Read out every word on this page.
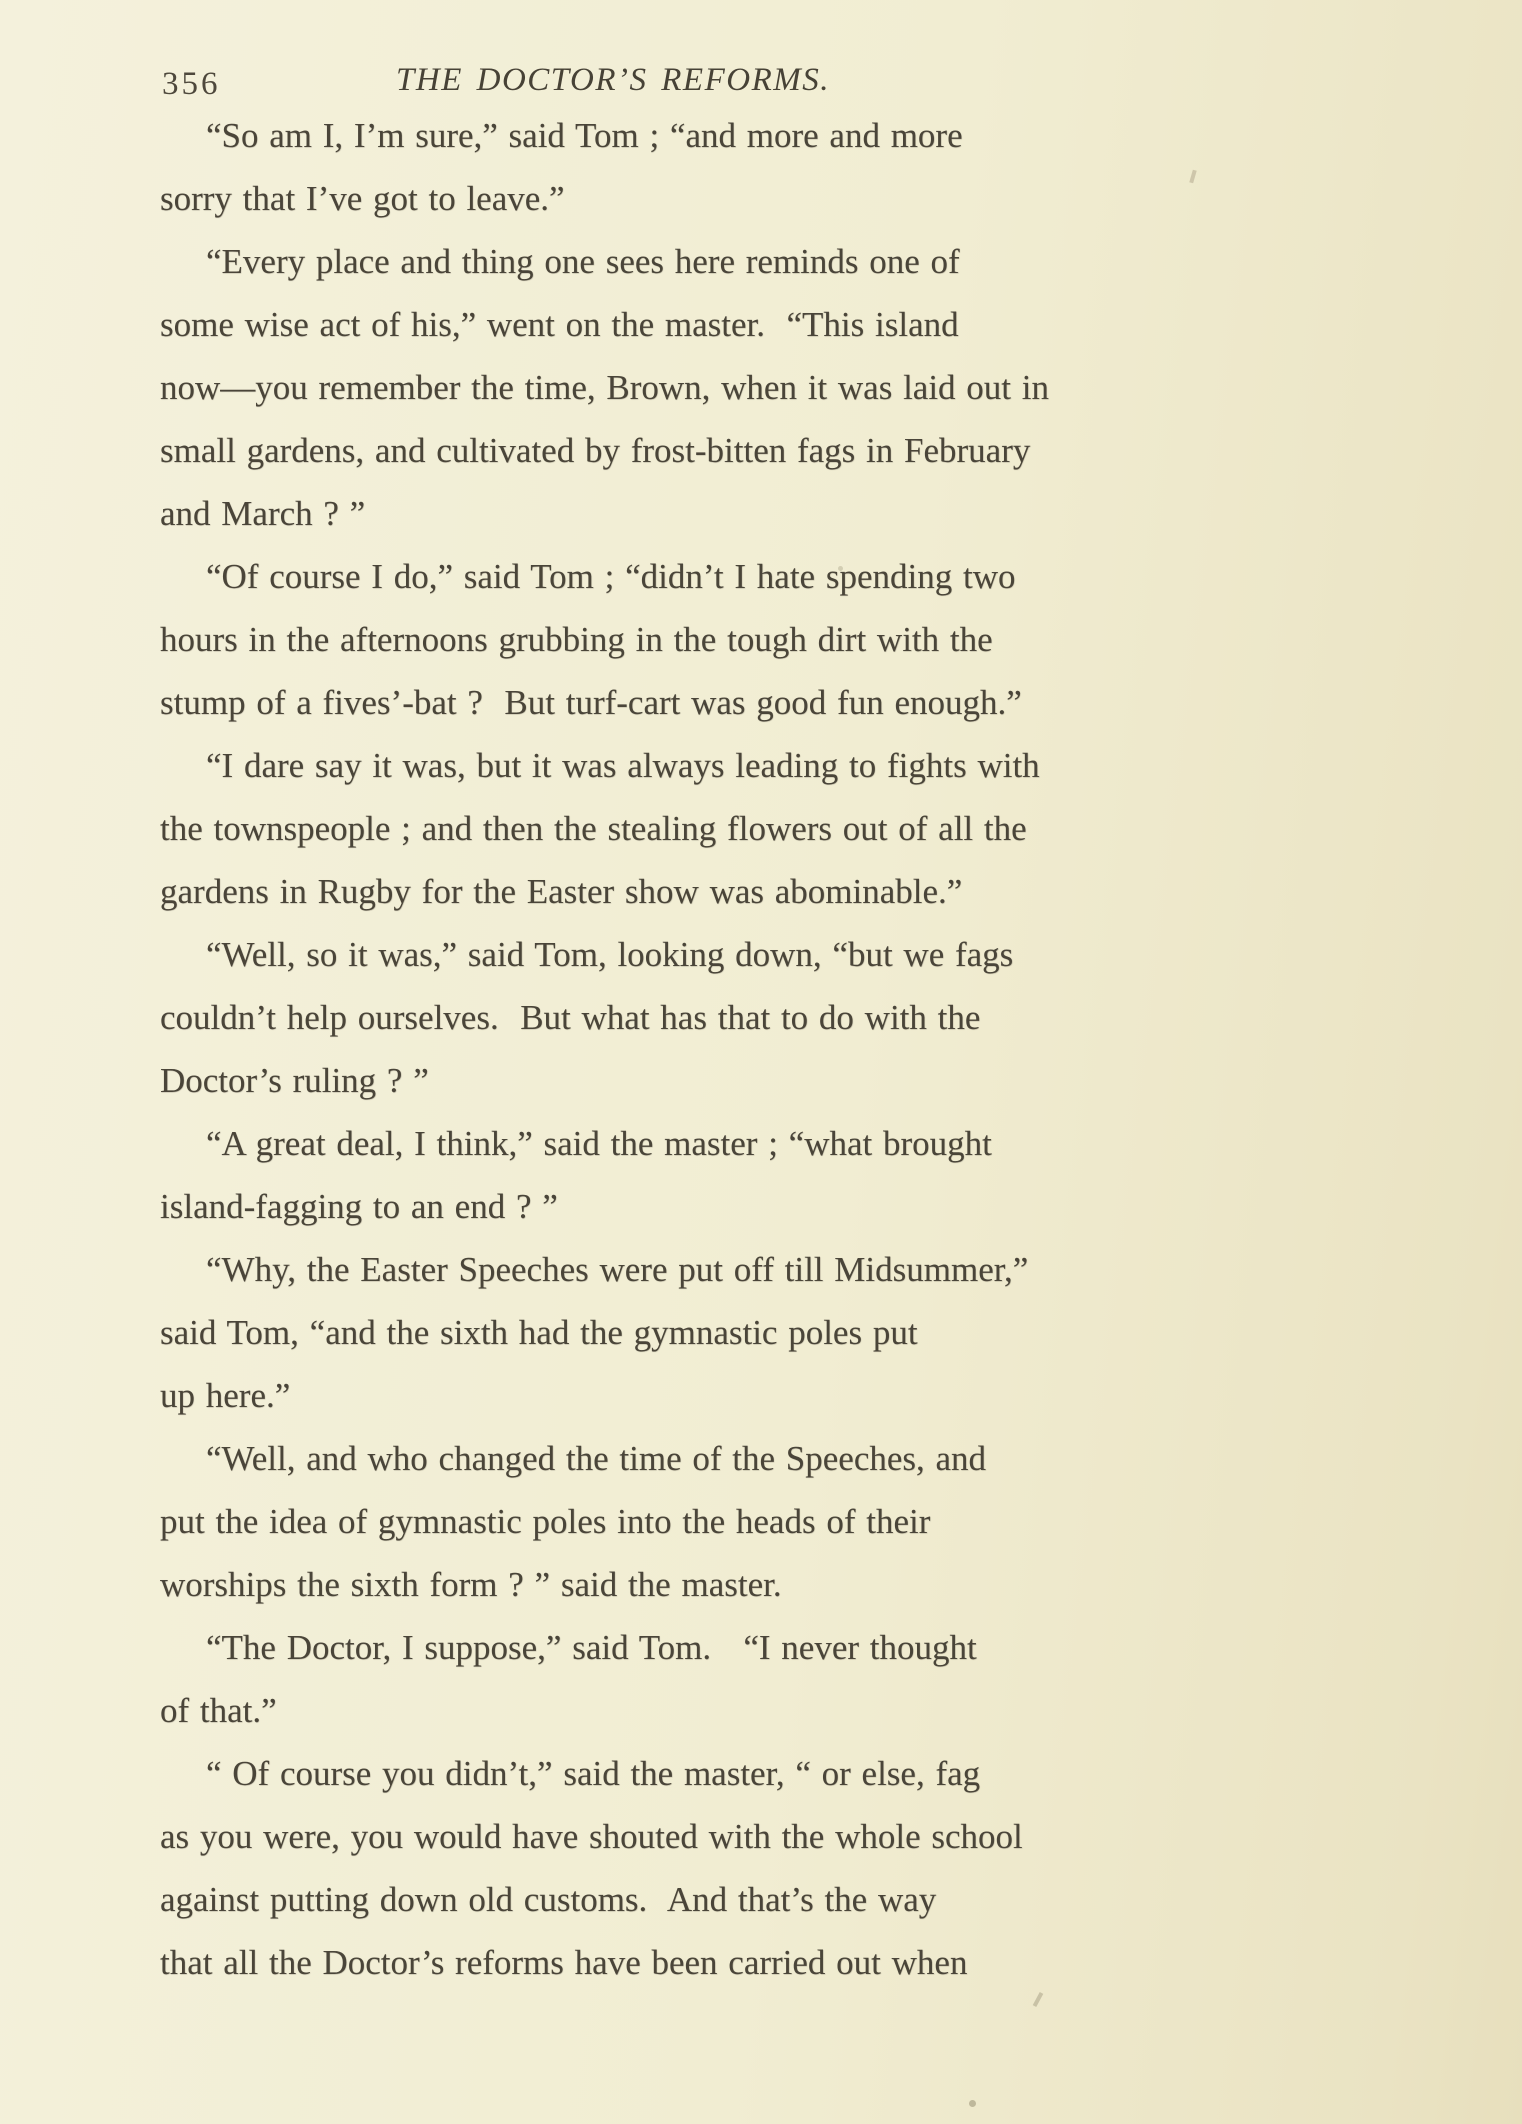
356	THE DOCTOR’S REFORMS.
“So am I, I’m sure,” said Tom ; “and more and more
sorry that I’ve got to leave.”
“Every place and thing one sees here reminds one of
some wise act of his,” went on the master.  “This island
now—you remember the time, Brown, when it was laid out in
small gardens, and cultivated by frost-bitten fags in February
and March ? ”
“Of course I do,” said Tom ; “didn’t I hate spending two
hours in the afternoons grubbing in the tough dirt with the
stump of a fives’-bat ?  But turf-cart was good fun enough.”
“I dare say it was, but it was always leading to fights with
the townspeople ; and then the stealing flowers out of all the
gardens in Rugby for the Easter show was abominable.”
“Well, so it was,” said Tom, looking down, “but we fags
couldn’t help ourselves.  But what has that to do with the
Doctor’s ruling ? ”
“A great deal, I think,” said the master ; “what brought
island-fagging to an end ? ”
“Why, the Easter Speeches were put off till Midsummer,”
said Tom, “and the sixth had the gymnastic poles put
up here.”
“Well, and who changed the time of the Speeches, and
put the idea of gymnastic poles into the heads of their
worships the sixth form ? ” said the master.
“The Doctor, I suppose,” said Tom.   “I never thought
of that.”
“ Of course you didn’t,” said the master, “ or else, fag
as you were, you would have shouted with the whole school
against putting down old customs.  And that’s the way
that all the Doctor’s reforms have been carried out when
